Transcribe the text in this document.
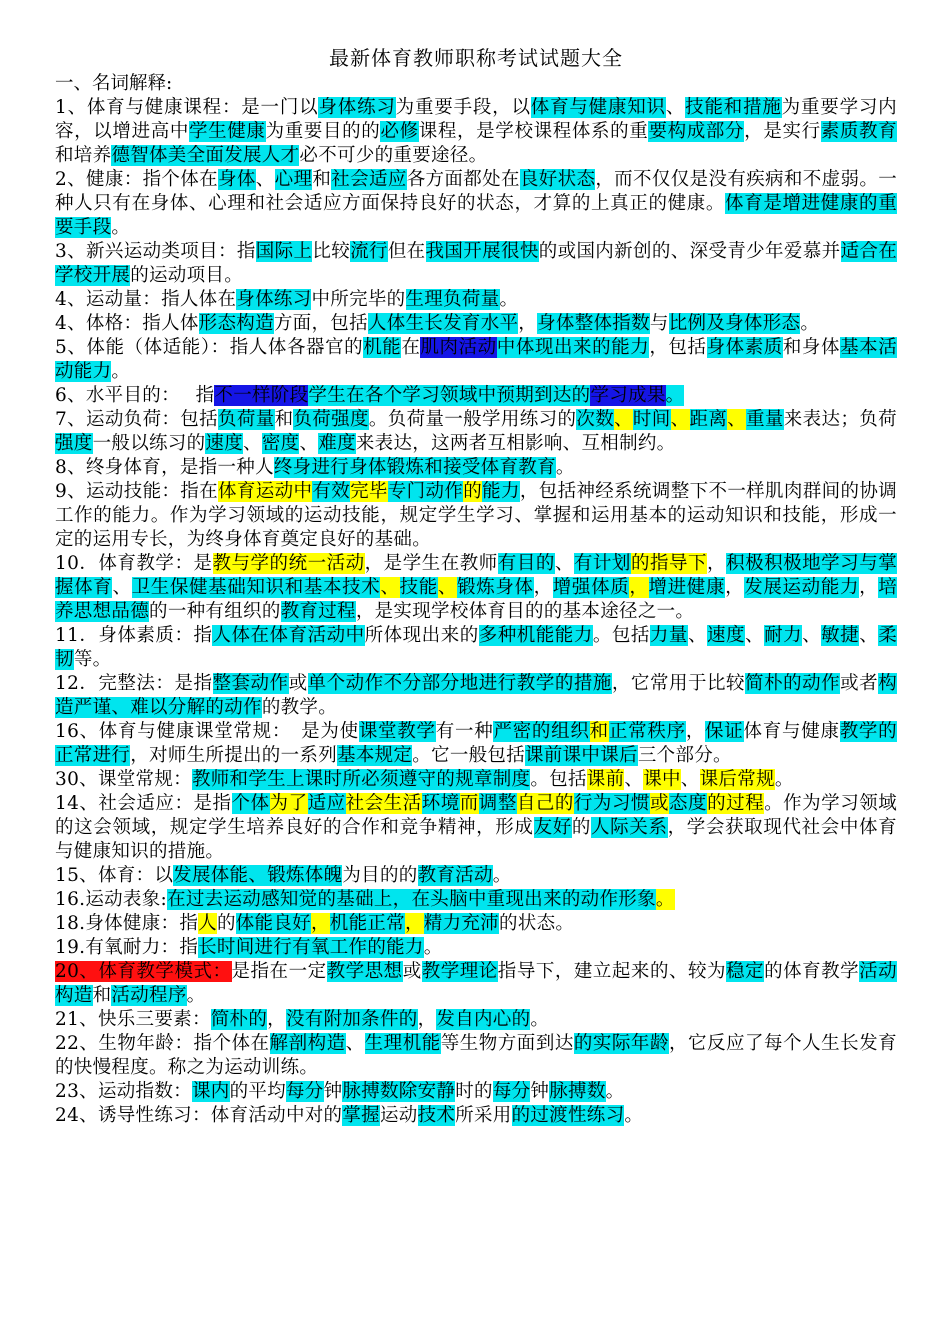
最新体育教师职称考试试题大全
一、名词解释:
1、体育与健康课程：是一门以身体练习为重要手段，以体育与健康知识、技能和措施为重要学习内容，以增进高中学生健康为重要目的的必修课程，是学校课程体系的重要构成部分，是实行素质教育和培养德智体美全面发展人才必不可少的重要途径。
2、健康：指个体在身体、心理和社会适应各方面都处在良好状态，而不仅仅是没有疾病和不虚弱。一种人只有在身体、心理和社会适应方面保持良好的状态，才算的上真正的健康。体育是增进健康的重要手段。
3、新兴运动类项目：指国际上比较流行但在我国开展很快的或国内新创的、深受青少年爱慕并适合在学校开展的运动项目。
4、运动量：指人体在身体练习中所完毕的生理负荷量。
4、体格：指人体形态构造方面，包括人体生长发育水平，身体整体指数与比例及身体形态。
5、体能（体适能）：指人体各器官的机能在肌肉活动中体现出来的能力，包括身体素质和身体基本活动能力。
6、水平目的：　 指不一样阶段学生在各个学习领域中预期到达的学习成果。
7、运动负荷：包括负荷量和负荷强度。负荷量一般学用练习的次数、时间、距离、重量来表达；负荷强度一般以练习的速度、密度、难度来表达，这两者互相影响、互相制约。
8、终身体育，是指一种人终身进行身体锻炼和接受体育教育。
9、运动技能：指在体育运动中有效完毕专门动作的能力，包括神经系统调整下不一样肌肉群间的协调工作的能力。作为学习领域的运动技能，规定学生学习、掌握和运用基本的运动知识和技能，形成一定的运用专长，为终身体育奠定良好的基础。
10．体育教学：是教与学的统一活动，是学生在教师有目的、有计划的指导下，积极积极地学习与掌握体育、卫生保健基础知识和基本技术、技能、锻炼身体，增强体质，增进健康，发展运动能力，培养思想品德的一种有组织的教育过程，是实现学校体育目的的基本途径之一。
11．身体素质：指人体在体育活动中所体现出来的多种机能能力。包括力量、速度、耐力、敏捷、柔韧等。
12．完整法：是指整套动作或单个动作不分部分地进行教学的措施，它常用于比较简朴的动作或者构造严谨、难以分解的动作的教学。
16、体育与健康课堂常规：　是为使课堂教学有一种严密的组织和正常秩序，保证体育与健康教学的正常进行，对师生所提出的一系列基本规定。它一般包括课前课中课后三个部分。
30、课堂常规：教师和学生上课时所必须遵守的规章制度。包括课前、课中、课后常规。
14、社会适应：是指个体为了适应社会生活环境而调整自己的行为习惯或态度的过程。作为学习领域的这会领域，规定学生培养良好的合作和竞争精神，形成友好的人际关系，学会获取现代社会中体育与健康知识的措施。
15、体育：以发展体能、锻炼体魄为目的的教育活动。
16.运动表象:在过去运动感知觉的基础上，在头脑中重现出来的动作形象。
18.身体健康：指人的体能良好，机能正常，精力充沛的状态。
19.有氧耐力：指长时间进行有氧工作的能力。
20、体育教学模式：是指在一定教学思想或教学理论指导下，建立起来的、较为稳定的体育教学活动构造和活动程序。
21、快乐三要素：简朴的，没有附加条件的，发自内心的。
22、生物年龄：指个体在解剖构造、生理机能等生物方面到达的实际年龄，它反应了每个人生长发育的快慢程度。称之为运动训练。
23、运动指数：课内的平均每分钟脉搏数除安静时的每分钟脉搏数。
24、诱导性练习：体育活动中对的掌握运动技术所采用的过渡性练习。
